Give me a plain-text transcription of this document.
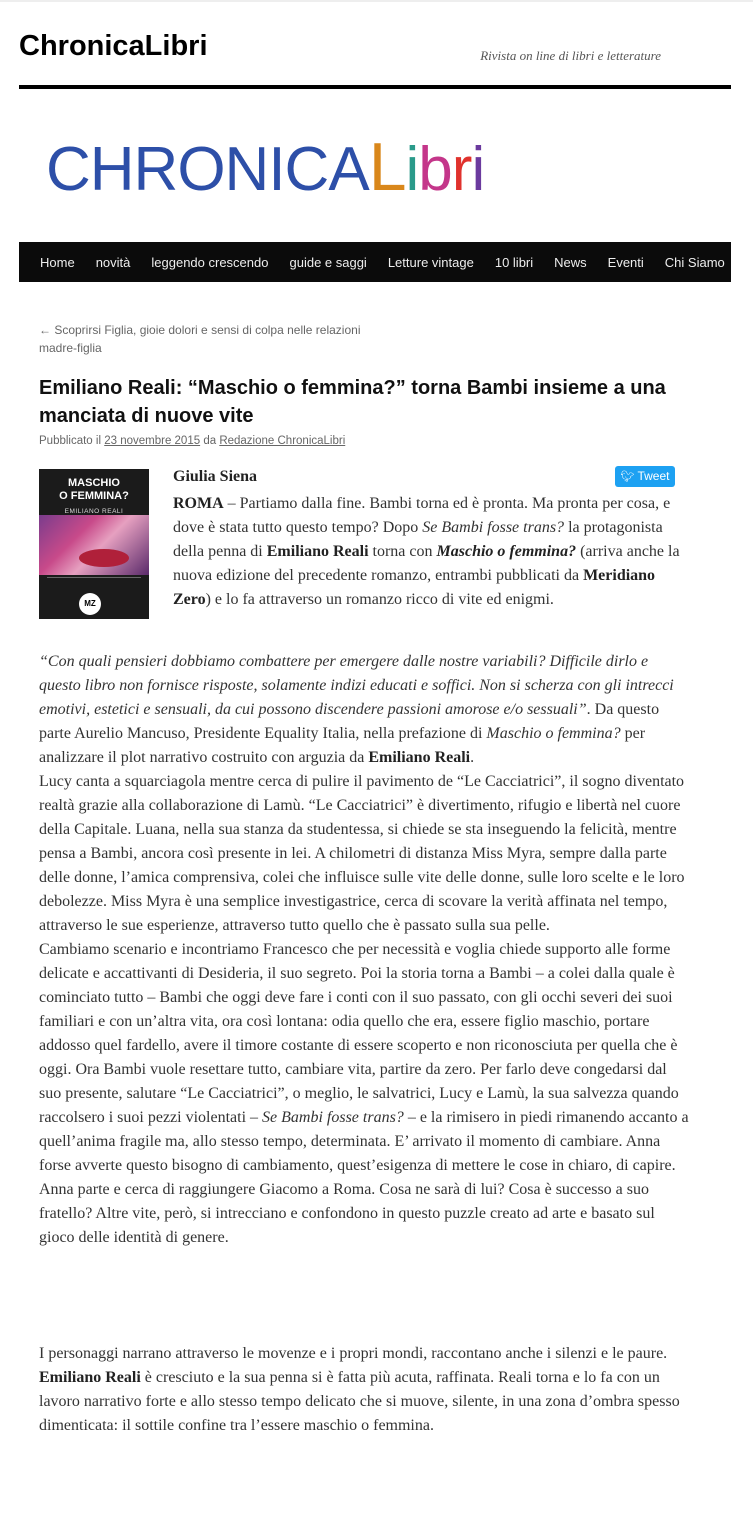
ChronicaLibri	Rivista on line di libri e letterature
CHRONICALibri
Home novità leggendo crescendo guide e saggi Letture vintage 10 libri News Eventi Chi Siamo
← Scoprirsi Figlia, gioie dolori e sensi di colpa nelle relazioni madre-figlia
Emiliano Reali: “Maschio o femmina?” torna Bambi insieme a una manciata di nuove vite
Pubblicato il 23 novembre 2015 da Redazione ChronicaLibri
MASCHIO
O FEMMINA?
EMILIANO REALI
MZ
Giulia Siena	🐦︎ Tweet

ROMA – Partiamo dalla fine. Bambi torna ed è pronta. Ma pronta per cosa, e dove è stata tutto questo tempo? Dopo Se Bambi fosse trans? la protagonista della penna di Emiliano Reali torna con Maschio o femmina? (arriva anche la nuova edizione del precedente romanzo, entrambi pubblicati da Meridiano Zero) e lo fa attraverso un romanzo ricco di vite ed enigmi.

“Con quali pensieri dobbiamo combattere per emergere dalle nostre variabili? Difficile dirlo e questo libro non fornisce risposte, solamente indizi educati e soffici. Non si scherza con gli intrecci emotivi, estetici e sensuali, da cui possono discendere passioni amorose e/o sessuali”. Da questo parte Aurelio Mancuso, Presidente Equality Italia, nella prefazione di Maschio o femmina? per analizzare il plot narrativo costruito con arguzia da Emiliano Reali.
Lucy canta a squarciagola mentre cerca di pulire il pavimento de “Le Cacciatrici”, il sogno diventato realtà grazie alla collaborazione di Lamù. “Le Cacciatrici” è divertimento, rifugio e libertà nel cuore della Capitale. Luana, nella sua stanza da studentessa, si chiede se sta inseguendo la felicità, mentre pensa a Bambi, ancora così presente in lei. A chilometri di distanza Miss Myra, sempre dalla parte delle donne, l’amica comprensiva, colei che influisce sulle vite delle donne, sulle loro scelte e le loro debolezze. Miss Myra è una semplice investigastrice, cerca di scovare la verità affinata nel tempo, attraverso le sue esperienze, attraverso tutto quello che è passato sulla sua pelle.
Cambiamo scenario e incontriamo Francesco che per necessità e voglia chiede supporto alle forme delicate e accattivanti di Desideria, il suo segreto. Poi la storia torna a Bambi – a colei dalla quale è cominciato tutto – Bambi che oggi deve fare i conti con il suo passato, con gli occhi severi dei suoi familiari e con un’altra vita, ora così lontana: odia quello che era, essere figlio maschio, portare addosso quel fardello, avere il timore costante di essere scoperto e non riconosciuta per quella che è oggi. Ora Bambi vuole resettare tutto, cambiare vita, partire da zero. Per farlo deve congedarsi dal suo presente, salutare “Le Cacciatrici”, o meglio, le salvatrici, Lucy e Lamù, la sua salvezza quando raccolsero i suoi pezzi violentati – Se Bambi fosse trans? – e la rimisero in piedi rimanendo accanto a quell’anima fragile ma, allo stesso tempo, determinata. E’ arrivato il momento di cambiare. Anna forse avverte questo bisogno di cambiamento, quest’esigenza di mettere le cose in chiaro, di capire. Anna parte e cerca di raggiungere Giacomo a Roma. Cosa ne sarà di lui? Cosa è successo a suo fratello? Altre vite, però, si intrecciano e confondono in questo puzzle creato ad arte e basato sul gioco delle identità di genere.

I personaggi narrano attraverso le movenze e i propri mondi, raccontano anche i silenzi e le paure. Emiliano Reali è cresciuto e la sua penna si è fatta più acuta, raffinata. Reali torna e lo fa con un lavoro narrativo forte e allo stesso tempo delicato che si muove, silente, in una zona d’ombra spesso dimenticata: il sottile confine tra l’essere maschio o femmina.
